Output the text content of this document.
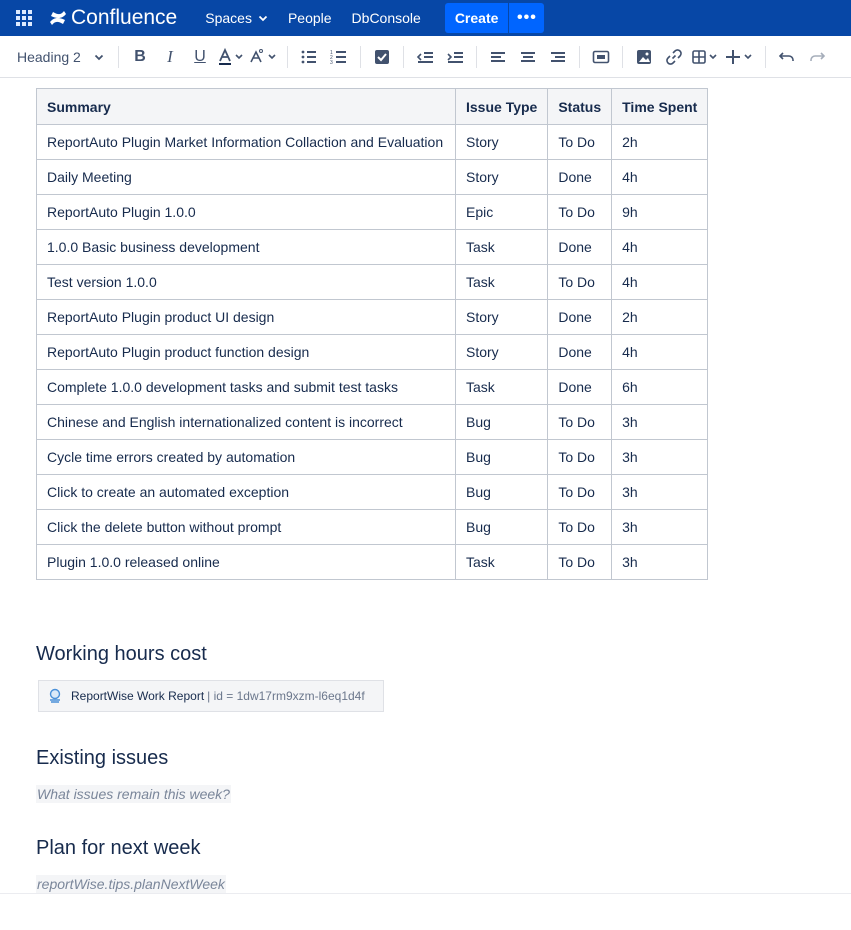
Confluence Spaces	People DbConsole	Create	•••
Heading 2	B	I	U	1
2
3
Summary	Issue Type	Status	Time Spent
ReportAuto Plugin Market Information Collaction and Evaluation	Story	To Do	2h
Daily Meeting	Story	Done	4h
ReportAuto Plugin 1.0.0	Epic	To Do	9h
1.0.0 Basic business development	Task	Done	4h
Test version 1.0.0	Task	To Do	4h
ReportAuto Plugin product UI design	Story	Done	2h
ReportAuto Plugin product function design	Story	Done	4h
Complete 1.0.0 development tasks and submit test tasks	Task	Done	6h
Chinese and English internationalized content is incorrect	Bug	To Do	3h
Cycle time errors created by automation	Bug	To Do	3h
Click to create an automated exception	Bug	To Do	3h
Click the delete button without prompt	Bug	To Do	3h
Plugin 1.0.0 released online	Task	To Do	3h
Working hours cost
ReportWise Work Report | id = 1dw17rm9xzm-l6eq1d4f
Existing issues
What issues remain this week?
Plan for next week
reportWise.tips.planNextWeek
